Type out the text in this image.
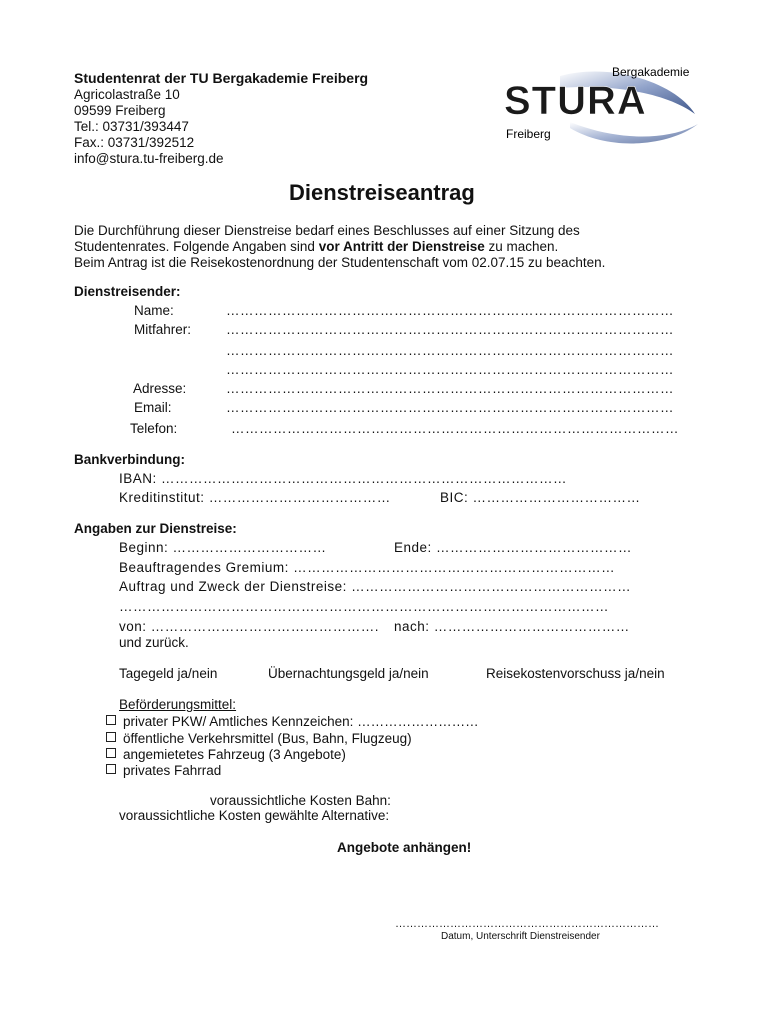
Studentenrat der TU Bergakademie Freiberg
Agricolastraße 10
09599 Freiberg
Tel.: 03731/393447
Fax.: 03731/392512
info@stura.tu-freiberg.de
Bergakademie
STURA
Freiberg
Dienstreiseantrag
Die Durchführung dieser Dienstreise bedarf eines Beschlusses auf einer Sitzung des
Studentenrates. Folgende Angaben sind vor Antritt der Dienstreise zu machen.
Beim Antrag ist die Reisekostenordnung der Studentenschaft vom 02.07.15 zu beachten.
Dienstreisender:
Name:	……………………………………………………………………………………
Mitfahrer:	……………………………………………………………………………………
……………………………………………………………………………………
……………………………………………………………………………………
Adresse:	……………………………………………………………………………………
Email:	……………………………………………………………………………………
Telefon:	……………………………………………………………………………………
Bankverbindung:
IBAN: ……………………………………………………………………………
Kreditinstitut: …………………………………	BIC: ………………………………
Angaben zur Dienstreise:
Beginn: ……………………………	Ende: ……………………………………
Beauftragendes Gremium: ……………………………………………………………
Auftrag und Zweck der Dienstreise: ……………………………………………………
……………………………………………………………………………………………
von: …………………………………………. nach: ……………………………………
und zurück.
Tagegeld ja/nein	Übernachtungsgeld ja/nein	Reisekostenvorschuss ja/nein
Beförderungsmittel:
privater PKW/ Amtliches Kennzeichen: ………………………
öffentliche Verkehrsmittel (Bus, Bahn, Flugzeug)
angemietetes Fahrzeug (3 Angebote)
privates Fahrrad
voraussichtliche Kosten Bahn:
voraussichtliche Kosten gewählte Alternative:
Angebote anhängen!
………………………………………………………………
Datum, Unterschrift Dienstreisender
